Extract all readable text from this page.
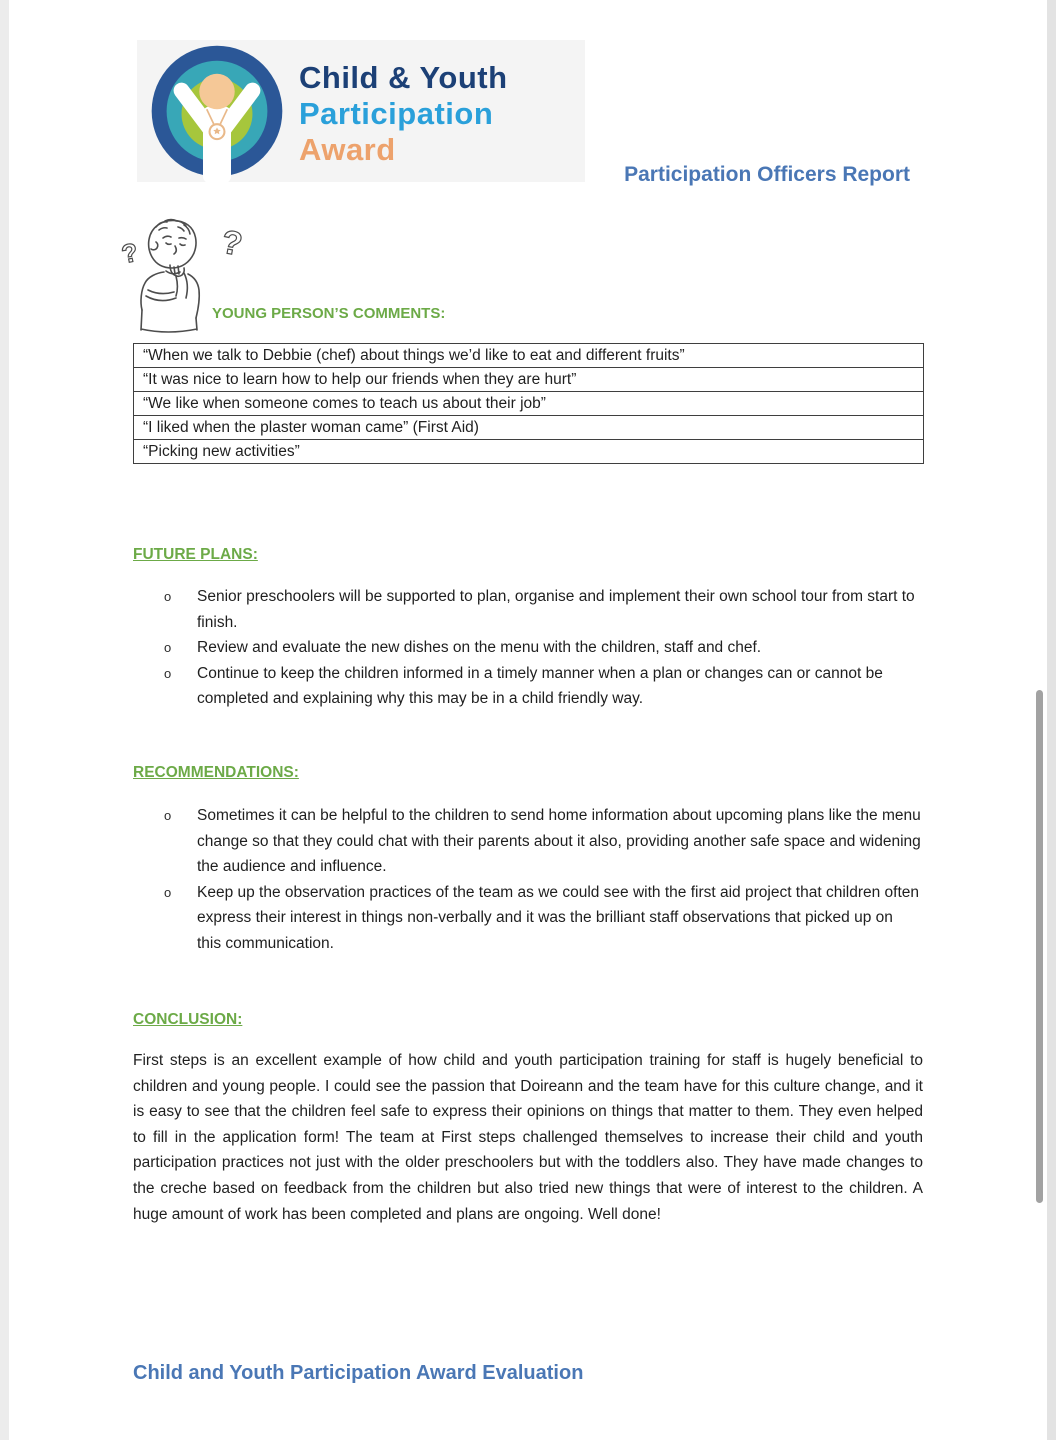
Child & Youth
Participation
Award
Participation Officers Report
? ?
YOUNG PERSON’S COMMENTS:
“When we talk to Debbie (chef) about things we’d like to eat and different fruits”
“It was nice to learn how to help our friends when they are hurt”
“We like when someone comes to teach us about their job”
“I liked when the plaster woman came” (First Aid)
“Picking new activities”
FUTURE PLANS:
o	Senior preschoolers will be supported to plan, organise and implement their own school tour from start to finish.
o	Review and evaluate the new dishes on the menu with the children, staff and chef.
o	Continue to keep the children informed in a timely manner when a plan or changes can or cannot be completed and explaining why this may be in a child friendly way.
RECOMMENDATIONS:
o	Sometimes it can be helpful to the children to send home information about upcoming plans like the menu change so that they could chat with their parents about it also, providing another safe space and widening the audience and influence.
o	Keep up the observation practices of the team as we could see with the first aid project that children often express their interest in things non-verbally and it was the brilliant staff observations that picked up on this communication.
CONCLUSION:
First steps is an excellent example of how child and youth participation training for staff is hugely beneficial to children and young people. I could see the passion that Doireann and the team have for this culture change, and it is easy to see that the children feel safe to express their opinions on things that matter to them. They even helped to fill in the application form! The team at First steps challenged themselves to increase their child and youth participation practices not just with the older preschoolers but with the toddlers also. They have made changes to the creche based on feedback from the children but also tried new things that were of interest to the children. A huge amount of work has been completed and plans are ongoing. Well done!
Child and Youth Participation Award Evaluation
